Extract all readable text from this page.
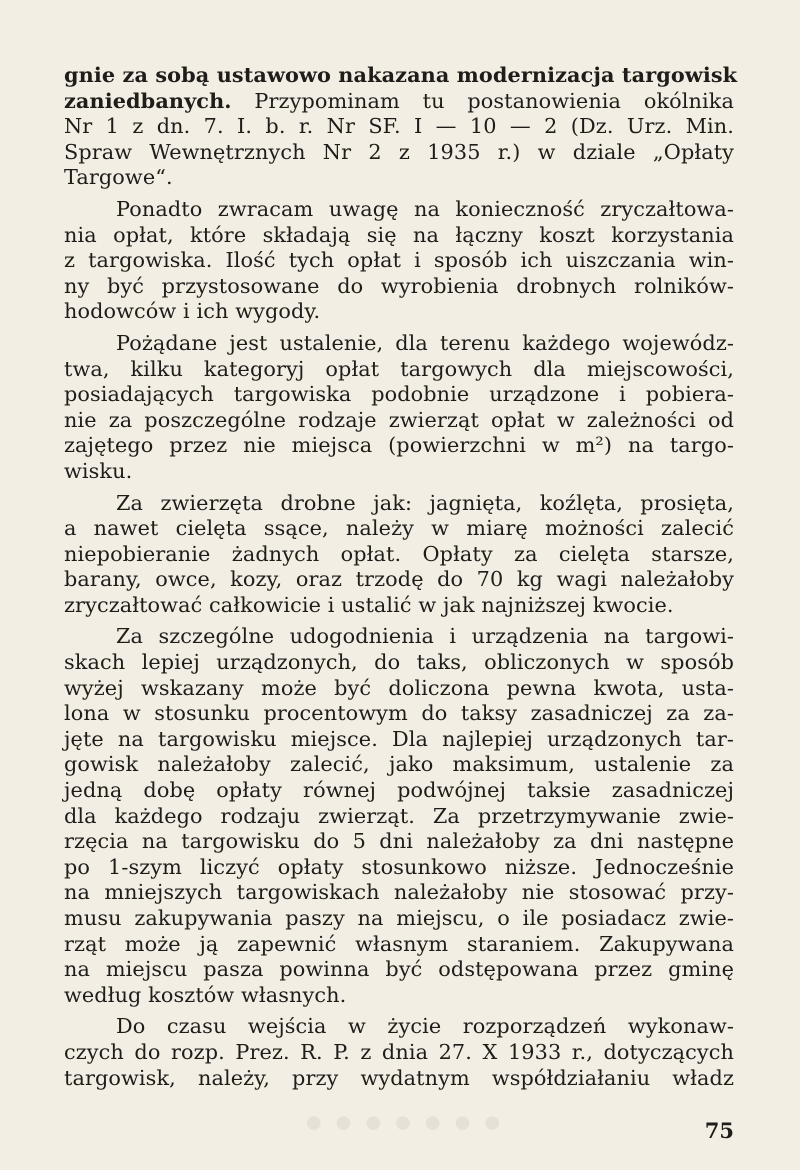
gnie za sobą ustawowo nakazana modernizacja targowisk
zaniedbanych. Przypominam tu postanowienia okólnika
Nr 1 z dn. 7. I. b. r. Nr SF. I — 10 — 2 (Dz. Urz. Min.
Spraw Wewnętrznych Nr 2 z 1935 r.) w dziale „Opłaty
Targowe“.
Ponadto zwracam uwagę na konieczność zryczałtowa-
nia opłat, które składają się na łączny koszt korzystania
z targowiska. Ilość tych opłat i sposób ich uiszczania win-
ny być przystosowane do wyrobienia drobnych rolników-
hodowców i ich wygody.
Pożądane jest ustalenie, dla terenu każdego wojewódz-
twa, kilku kategoryj opłat targowych dla miejscowości,
posiadających targowiska podobnie urządzone i pobiera-
nie za poszczególne rodzaje zwierząt opłat w zależności od
zajętego przez nie miejsca (powierzchni w m²) na targo-
wisku.
Za zwierzęta drobne jak: jagnięta, koźlęta, prosięta,
a nawet cielęta ssące, należy w miarę możności zalecić
niepobieranie żadnych opłat. Opłaty za cielęta starsze,
barany, owce, kozy, oraz trzodę do 70 kg wagi należałoby
zryczałtować całkowicie i ustalić w jak najniższej kwocie.
Za szczególne udogodnienia i urządzenia na targowi-
skach lepiej urządzonych, do taks, obliczonych w sposób
wyżej wskazany może być doliczona pewna kwota, usta-
lona w stosunku procentowym do taksy zasadniczej za za-
jęte na targowisku miejsce. Dla najlepiej urządzonych tar-
gowisk należałoby zalecić, jako maksimum, ustalenie za
jedną dobę opłaty równej podwójnej taksie zasadniczej
dla każdego rodzaju zwierząt. Za przetrzymywanie zwie-
rzęcia na targowisku do 5 dni należałoby za dni następne
po 1-szym liczyć opłaty stosunkowo niższe. Jednocześnie
na mniejszych targowiskach należałoby nie stosować przy-
musu zakupywania paszy na miejscu, o ile posiadacz zwie-
rząt może ją zapewnić własnym staraniem. Zakupywana
na miejscu pasza powinna być odstępowana przez gminę
według kosztów własnych.
Do czasu wejścia w życie rozporządzeń wykonaw-
czych do rozp. Prez. R. P. z dnia 27. X 1933 r., dotyczących
targowisk, należy, przy wydatnym współdziałaniu władz
·······	75
